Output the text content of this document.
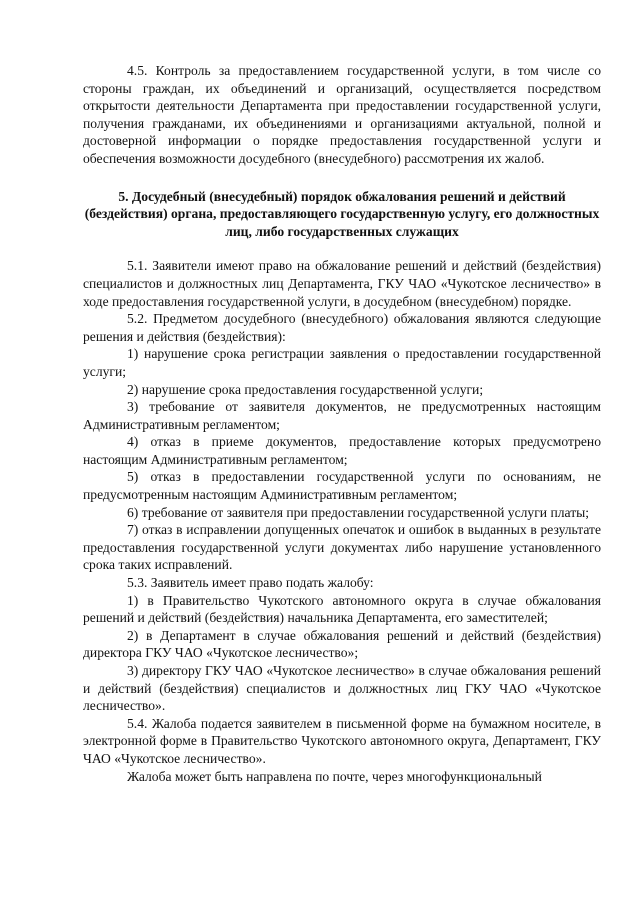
4.5. Контроль за предоставлением государственной услуги, в том числе со стороны граждан, их объединений и организаций, осуществляется посредством открытости деятельности Департамента при предоставлении государственной услуги, получения гражданами, их объединениями и организациями актуальной, полной и достоверной информации о порядке предоставления государственной услуги и обеспечения возможности досудебного (внесудебного) рассмотрения их жалоб.

5. Досудебный (внесудебный) порядок обжалования решений и действий (бездействия) органа, предоставляющего государственную услугу, его должностных лиц, либо государственных служащих

5.1. Заявители имеют право на обжалование решений и действий (бездействия) специалистов и должностных лиц Департамента, ГКУ ЧАО «Чукотское лесничество» в ходе предоставления государственной услуги, в досудебном (внесудебном) порядке.

5.2. Предметом досудебного (внесудебного) обжалования являются следующие решения и действия (бездействия):

1) нарушение срока регистрации заявления о предоставлении государственной услуги;

2) нарушение срока предоставления государственной услуги;

3) требование от заявителя документов, не предусмотренных настоящим Административным регламентом;

4) отказ в приеме документов, предоставление которых предусмотрено настоящим Административным регламентом;

5) отказ в предоставлении государственной услуги по основаниям, не предусмотренным настоящим Административным регламентом;

6) требование от заявителя при предоставлении государственной услуги платы;

7) отказ в исправлении допущенных опечаток и ошибок в выданных в результате предоставления государственной услуги документах либо нарушение установленного срока таких исправлений.

5.3. Заявитель имеет право подать жалобу:

1) в Правительство Чукотского автономного округа в случае обжалования решений и действий (бездействия) начальника Департамента, его заместителей;

2) в Департамент в случае обжалования решений и действий (бездействия) директора ГКУ ЧАО «Чукотское лесничество»;

3) директору ГКУ ЧАО «Чукотское лесничество» в случае обжалования решений и действий (бездействия) специалистов и должностных лиц ГКУ ЧАО «Чукотское лесничество».

5.4. Жалоба подается заявителем в письменной форме на бумажном носителе, в электронной форме в Правительство Чукотского автономного округа, Департамент, ГКУ ЧАО «Чукотское лесничество».

Жалоба может быть направлена по почте, через многофункциональный
